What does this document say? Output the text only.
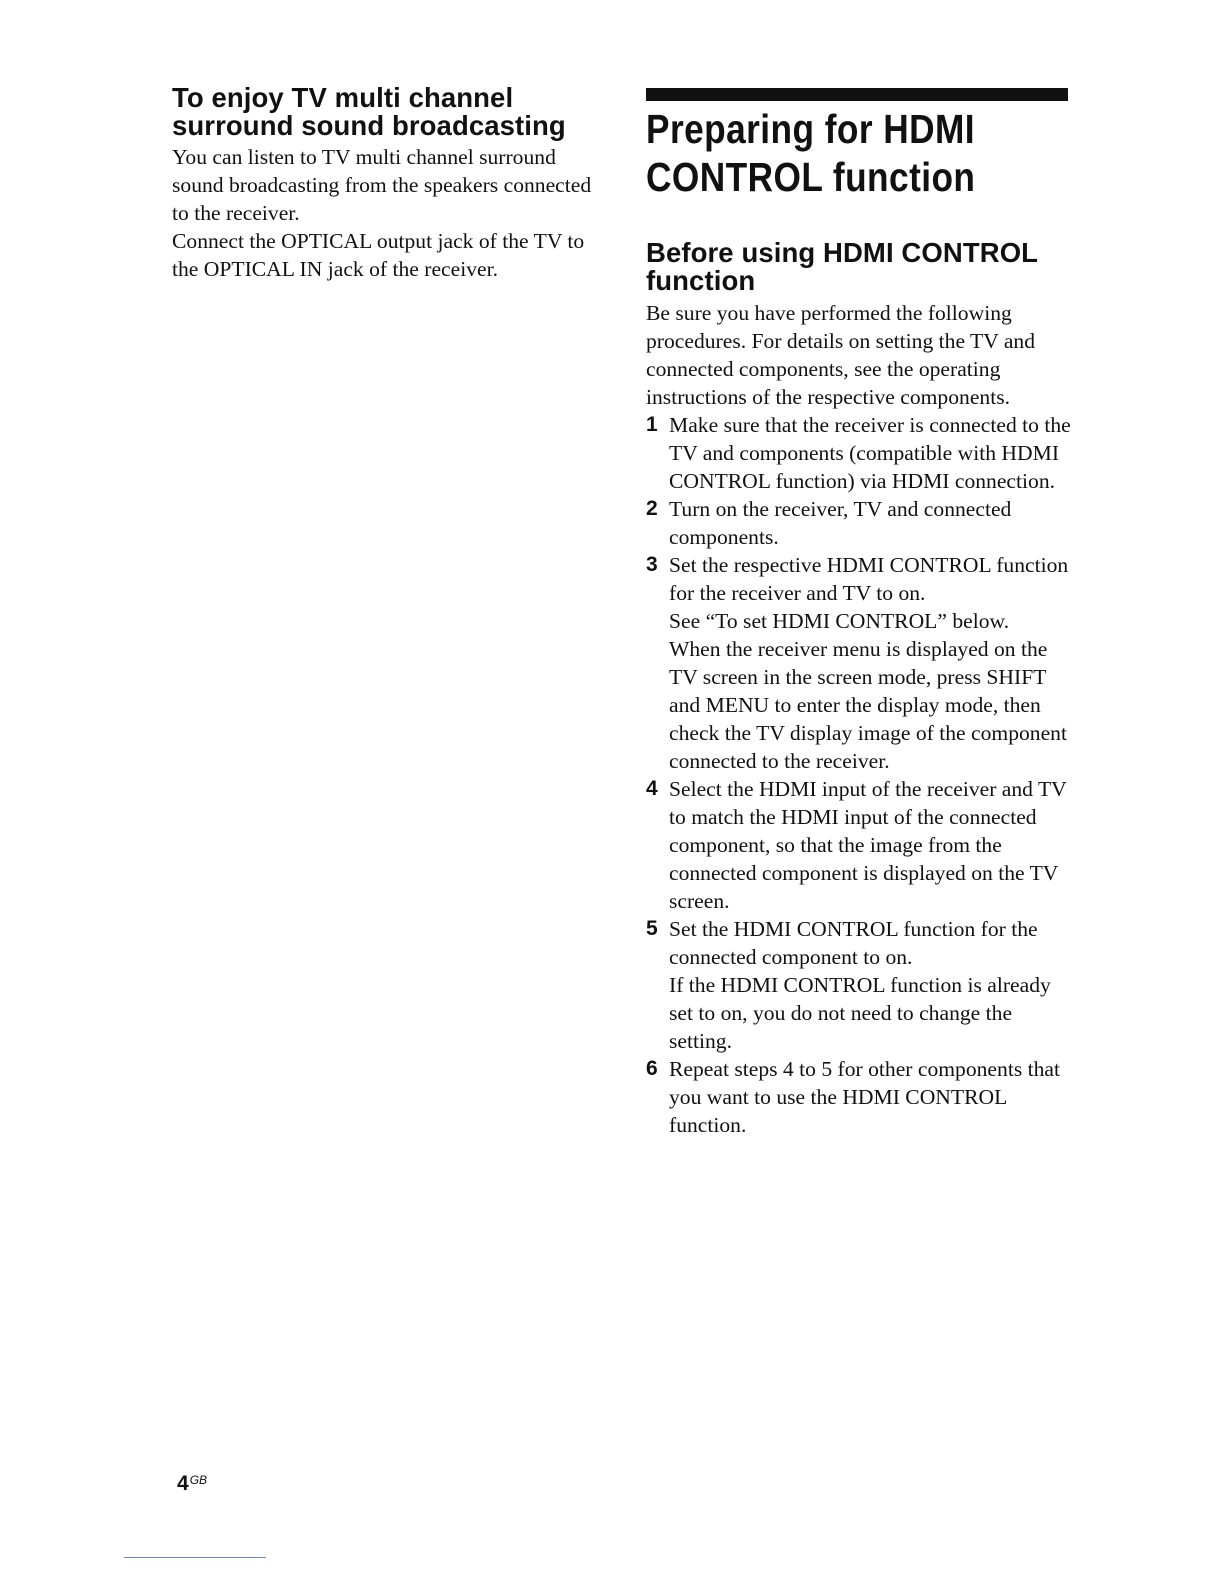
To enjoy TV multi channel surround sound broadcasting

You can listen to TV multi channel surround sound broadcasting from the speakers connected to the receiver.

Connect the OPTICAL output jack of the TV to the OPTICAL IN jack of the receiver.

Preparing for HDMI
CONTROL function
Before using HDMI CONTROL function

Be sure you have performed the following procedures. For details on setting the TV and connected components, see the operating instructions of the respective components.

1 Make sure that the receiver is connected to the TV and components (compatible with HDMI CONTROL function) via HDMI connection.
2 Turn on the receiver, TV and connected components.
3 Set the respective HDMI CONTROL function for the receiver and TV to on.
See “To set HDMI CONTROL” below.
When the receiver menu is displayed on the TV screen in the screen mode, press SHIFT and MENU to enter the display mode, then check the TV display image of the component connected to the receiver.
4 Select the HDMI input of the receiver and TV to match the HDMI input of the connected component, so that the image from the connected component is displayed on the TV screen.
5 Set the HDMI CONTROL function for the connected component to on.
If the HDMI CONTROL function is already set to on, you do not need to change the setting.
6 Repeat steps 4 to 5 for other components that you want to use the HDMI CONTROL function.
$4^{GB}$
